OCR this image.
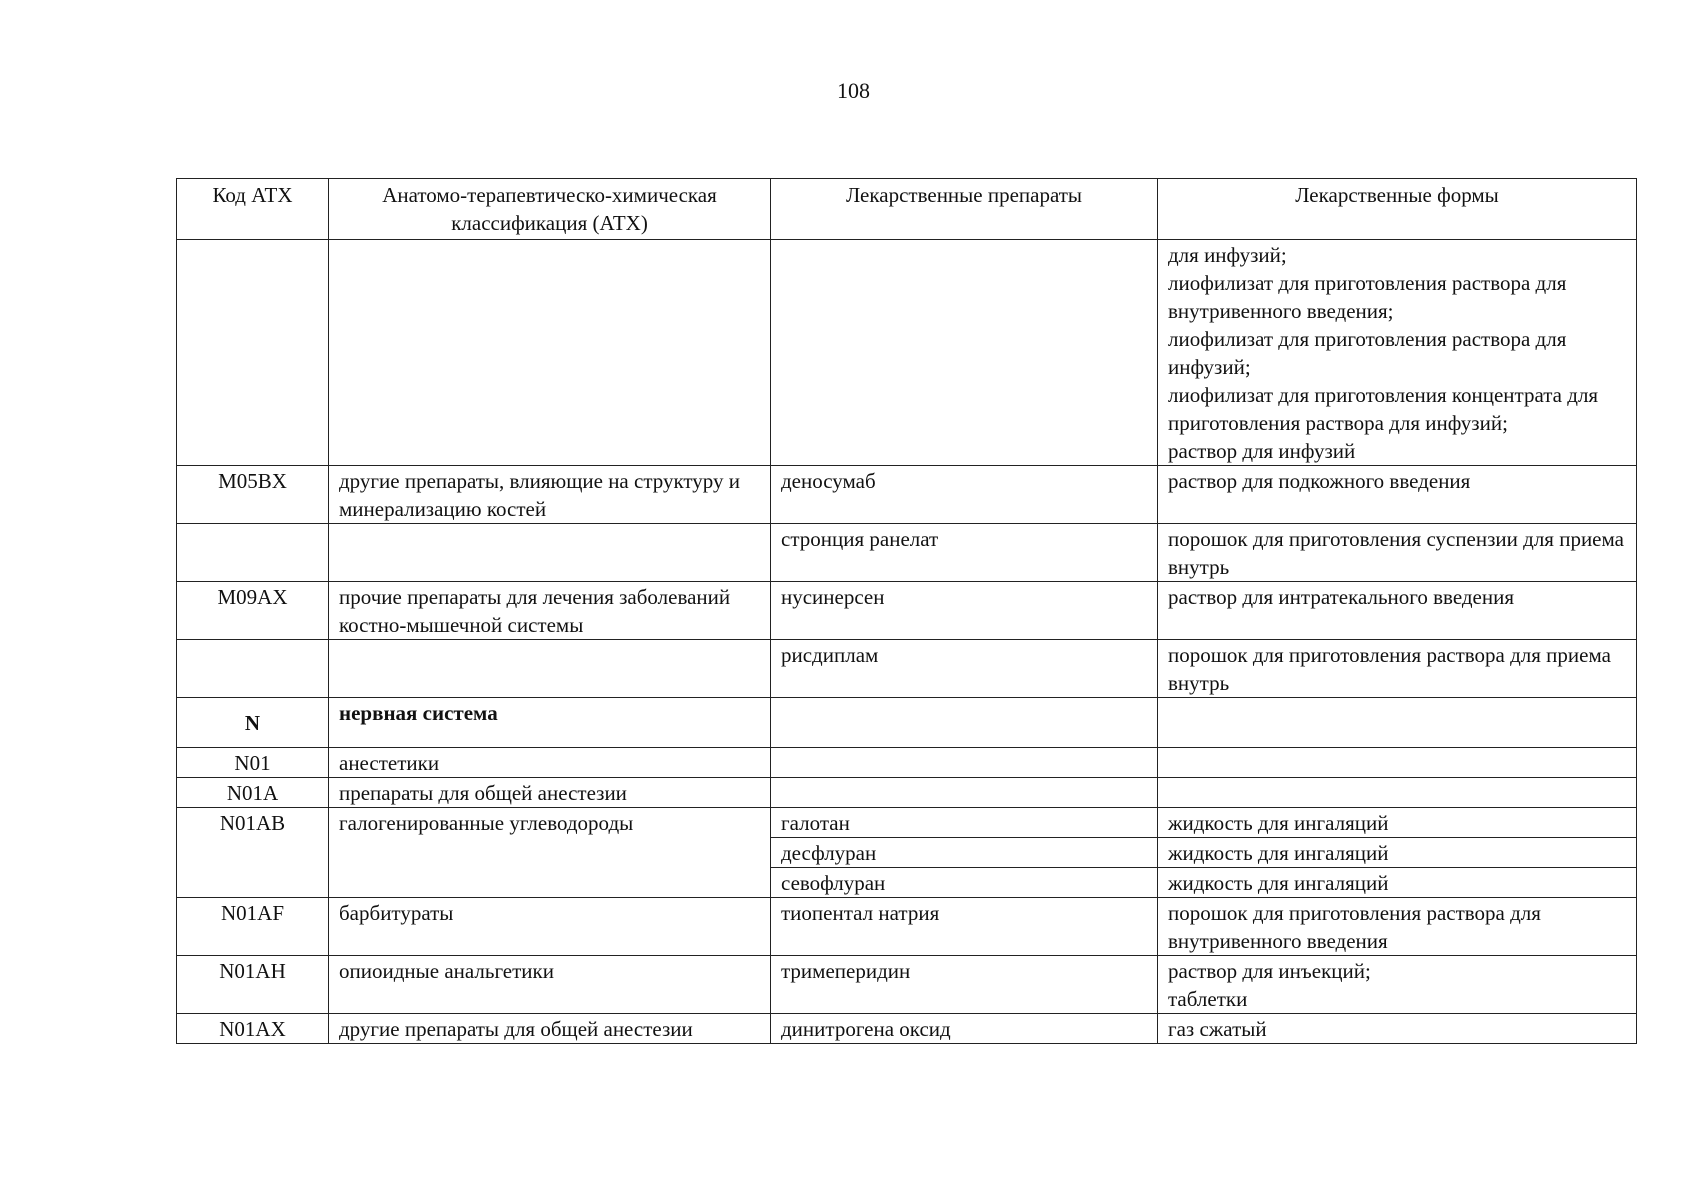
108
Код АТХ	Анатомо-терапевтическо-химическая классификация (АТХ)	Лекарственные препараты	Лекарственные формы

			для инфузий;
лиофилизат для приготовления раствора для внутривенного введения;
лиофилизат для приготовления раствора для инфузий;
лиофилизат для приготовления концентрата для приготовления раствора для инфузий;
раствор для инфузий

M05BX	другие препараты, влияющие на структуру и минерализацию костей	деносумаб	раствор для подкожного введения
		стронция ранелат	порошок для приготовления суспензии для приема внутрь
M09AX	прочие препараты для лечения заболеваний костно-мышечной системы	нусинерсен	раствор для интратекального введения
		рисдиплам	порошок для приготовления раствора для приема внутрь
N	нервная система		
N01	анестетики		
N01A	препараты для общей анестезии		
N01AB	галогенированные углеводороды	галотан	жидкость для ингаляций
		десфлуран	жидкость для ингаляций
		севофлуран	жидкость для ингаляций
N01AF	барбитураты	тиопентал натрия	порошок для приготовления раствора для внутривенного введения
N01AH	опиоидные анальгетики	тримеперидин	раствор для инъекций;
таблетки

N01AX	другие препараты для общей анестезии	динитрогена оксид	газ сжатый
